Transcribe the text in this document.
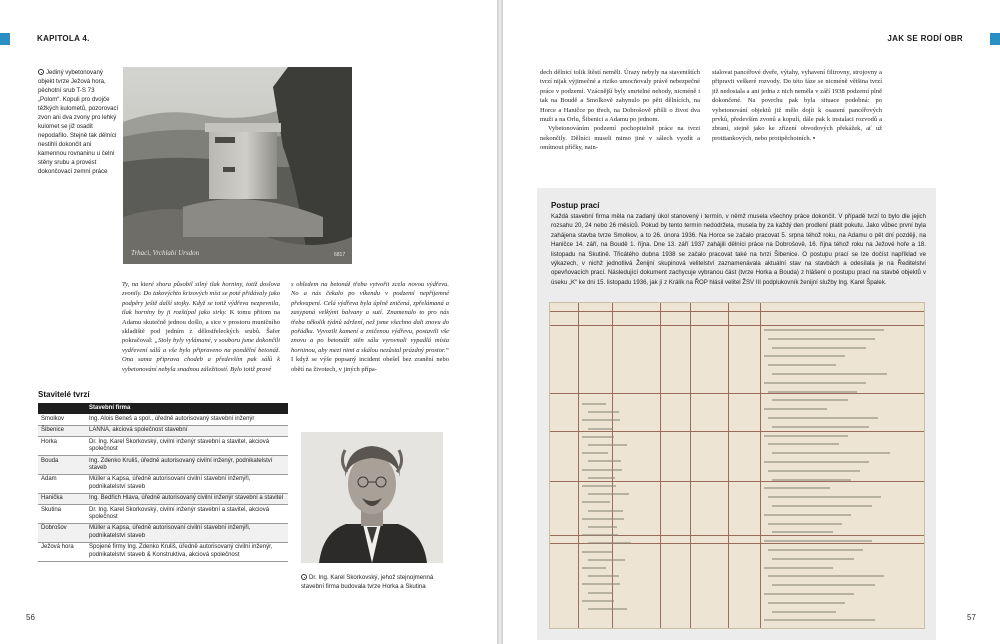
KAPITOLA 4.
Jediný vybetonovaný objekt tvrze Ježová hora, pěchotní srub T-S 73 „Polom“. Kopuli pro dvojče těžkých kulometů, pozorovací zvon ani dva zvony pro lehký kulomet se již osadit nepodařilo. Stejně tak dělníci nestihli dokončit ani kamennou rovnaninu u čelní stěny srubu a provést dokončovací zemní práce
Trhaci, Vrchlabí Ursdon	6817

Ty, na které shora působil silný tlak horniny, totiž doslova zvonily. Do takovýchto krizových míst se poté přidávaly jako podpěry ještě další stojky. Když se totiž výdřeva nezpevnila, tlak horniny by ji rozštípal jako sirky. K tomu přitom na Adamu skutečně jednou došlo, a sice v prostoru muničního skladiště pod jedním z dělostřeleckých srubů. Šafer pokračoval: „Stoly byly vylámané, v souboru jsme dokončili vydřevení sálů a vše bylo připraveno na pondělní betonáž. Ona sama připrava chodeb a především pak sálů k vybetonování nebyla snadnou záležitostí. Bylo totiž pravé

s ohledem na betonáž třeba vytvořit zcela novou výdřevu. No a nás čekalo po víkendu v podzemí nepříjemné překvapení. Celá výdřeva byla úplně zničená, zpřelámaná a zasypaná velkými balvany a sutí. Znamenalo to pro nás třeba několik týdnů zdržení, než jsme všechno dali znovu do pořádku. Vyvozili kamení a zničenou výdřevu, postavili vše znovu a po betonáži stěn sálu vyrovnali vypadlá místa horninou, aby mezi nimi a skálou nezůstal prázdný prostor.“ I když se výše popsaný incident obešel bez zranění nebo obětí na životech, v jiných přípa-

Stavitelé tvrzí
	Stavební firma
Smolkov	Ing. Alois Beneš a spol., úředně autorisovaný stavební inženýr
Šibenice	LANNA, akciová společnost stavební
Horka	Dr. Ing. Karel Skorkovský, civilní inženýr stavební a stavitel, akciová společnost
Bouda	Ing. Zdenko Kruliš, úředně autorisovaný civilní inženýr, podnikatelství staveb
Adam	Müller a Kapsa, úředně autorisovaní civilní stavební inženýři, podnikatelství staveb
Hanička	Ing. Bedřich Hlava, úředně autorisovaný civilní inženýr stavební a stavitel
Skutina	Dr. Ing. Karel Skorkovský, civilní inženýr stavební a stavitel, akciová společnost
Dobrošov	Müller a Kapsa, úředně autorisovaní civilní stavební inženýři, podnikatelství staveb
Ježová hora	Spojené firmy Ing. Zdenko Kruliš, úředně autorisovaný civilní inženýr, podnikatelství staveb & Konstruktiva, akciová společnost
Dr. Ing. Karel Skorkovský, jehož stejnojmenná stavební firma budovala tvrze Horka a Skutina
56
JAK SE RODÍ OBR

dech dělnicí tolik štěstí neměli. Úrazy nebyly na staveništích tvrzí nijak výjimečné a riziko umocňovaly právě nebezpečné práce v podzemí. Vzácnější byly smrtelné nehody, nicméně i tak na Boudě a Smolkově zahynulo po pěti dělnících, na Horce a Haničce po třech, na Dobrošově přišli o život dva muži a na Orlu, Šibenici a Adamu po jednom.

Vybetonováním podzemí pochopitelně práce na tvrzi nekončily. Dělníci museli mimo jiné v sálech vyzdít a omítnout příčky, nain-

stalovat pancéřové dveře, výtahy, vyhavení filtrovny, strojovny a připravit veškeré rozvody. Do této fáze se nicméně většina tvrzí již nedostala a ani jedna z nich neměla v září 1938 podzemí plně dokončené. Na povrchu pak byla situace podobná: po vybetonování objektů již mělo dojít k osazení pancéřových prvků, především zvonů a kopulí, dále pak k instalaci rozvodů a zbraní, stejně jako ke zřízení obvodových překážek, ať už protitankových, nebo protipěchotních. •

Postup prací
Každá stavební firma měla na zadaný úkol stanovený i termín, v němž musela všechny práce dokončit. V případě tvrzí to bylo dle jejich rozsahu 20, 24 nebo 26 měsíců. Pokud by tento termín nedodržela, musela by za každý den prodlení platit pokutu. Jako vůbec první byla zahájena stavba tvrze Smolkov, a to 26. února 1936. Na Horce se začalo pracovat 5. srpna téhož roku, na Adamu o pět dní později, na Haničce 14. září, na Boudě 1. října. Dne 13. září 1937 zahájili dělníci práce na Dobrošově, 16. října téhož roku na Ježové hoře a 18. listopadu na Skutině. Třicátého dubna 1938 se začalo pracovat také na tvrzi Šibenice. O postupu prací se lze dočíst například ve výkazech, v nichž jednotlivá Ženijní skupinová velitelství zaznamenávala aktuální stav na stavbách a odesílala je na Ředitelství opevňovacích prací. Následující dokument zachycuje vybranou část (tvrze Horka a Bouda) z hlášení o postupu prací na stavbě objektů v úseku „K“ ke dni 15. listopadu 1936, jak jí z Králík na ŘOP hlásil velitel ŽSV III podplukovník ženijní služby Ing. Karel Špalek.
57
